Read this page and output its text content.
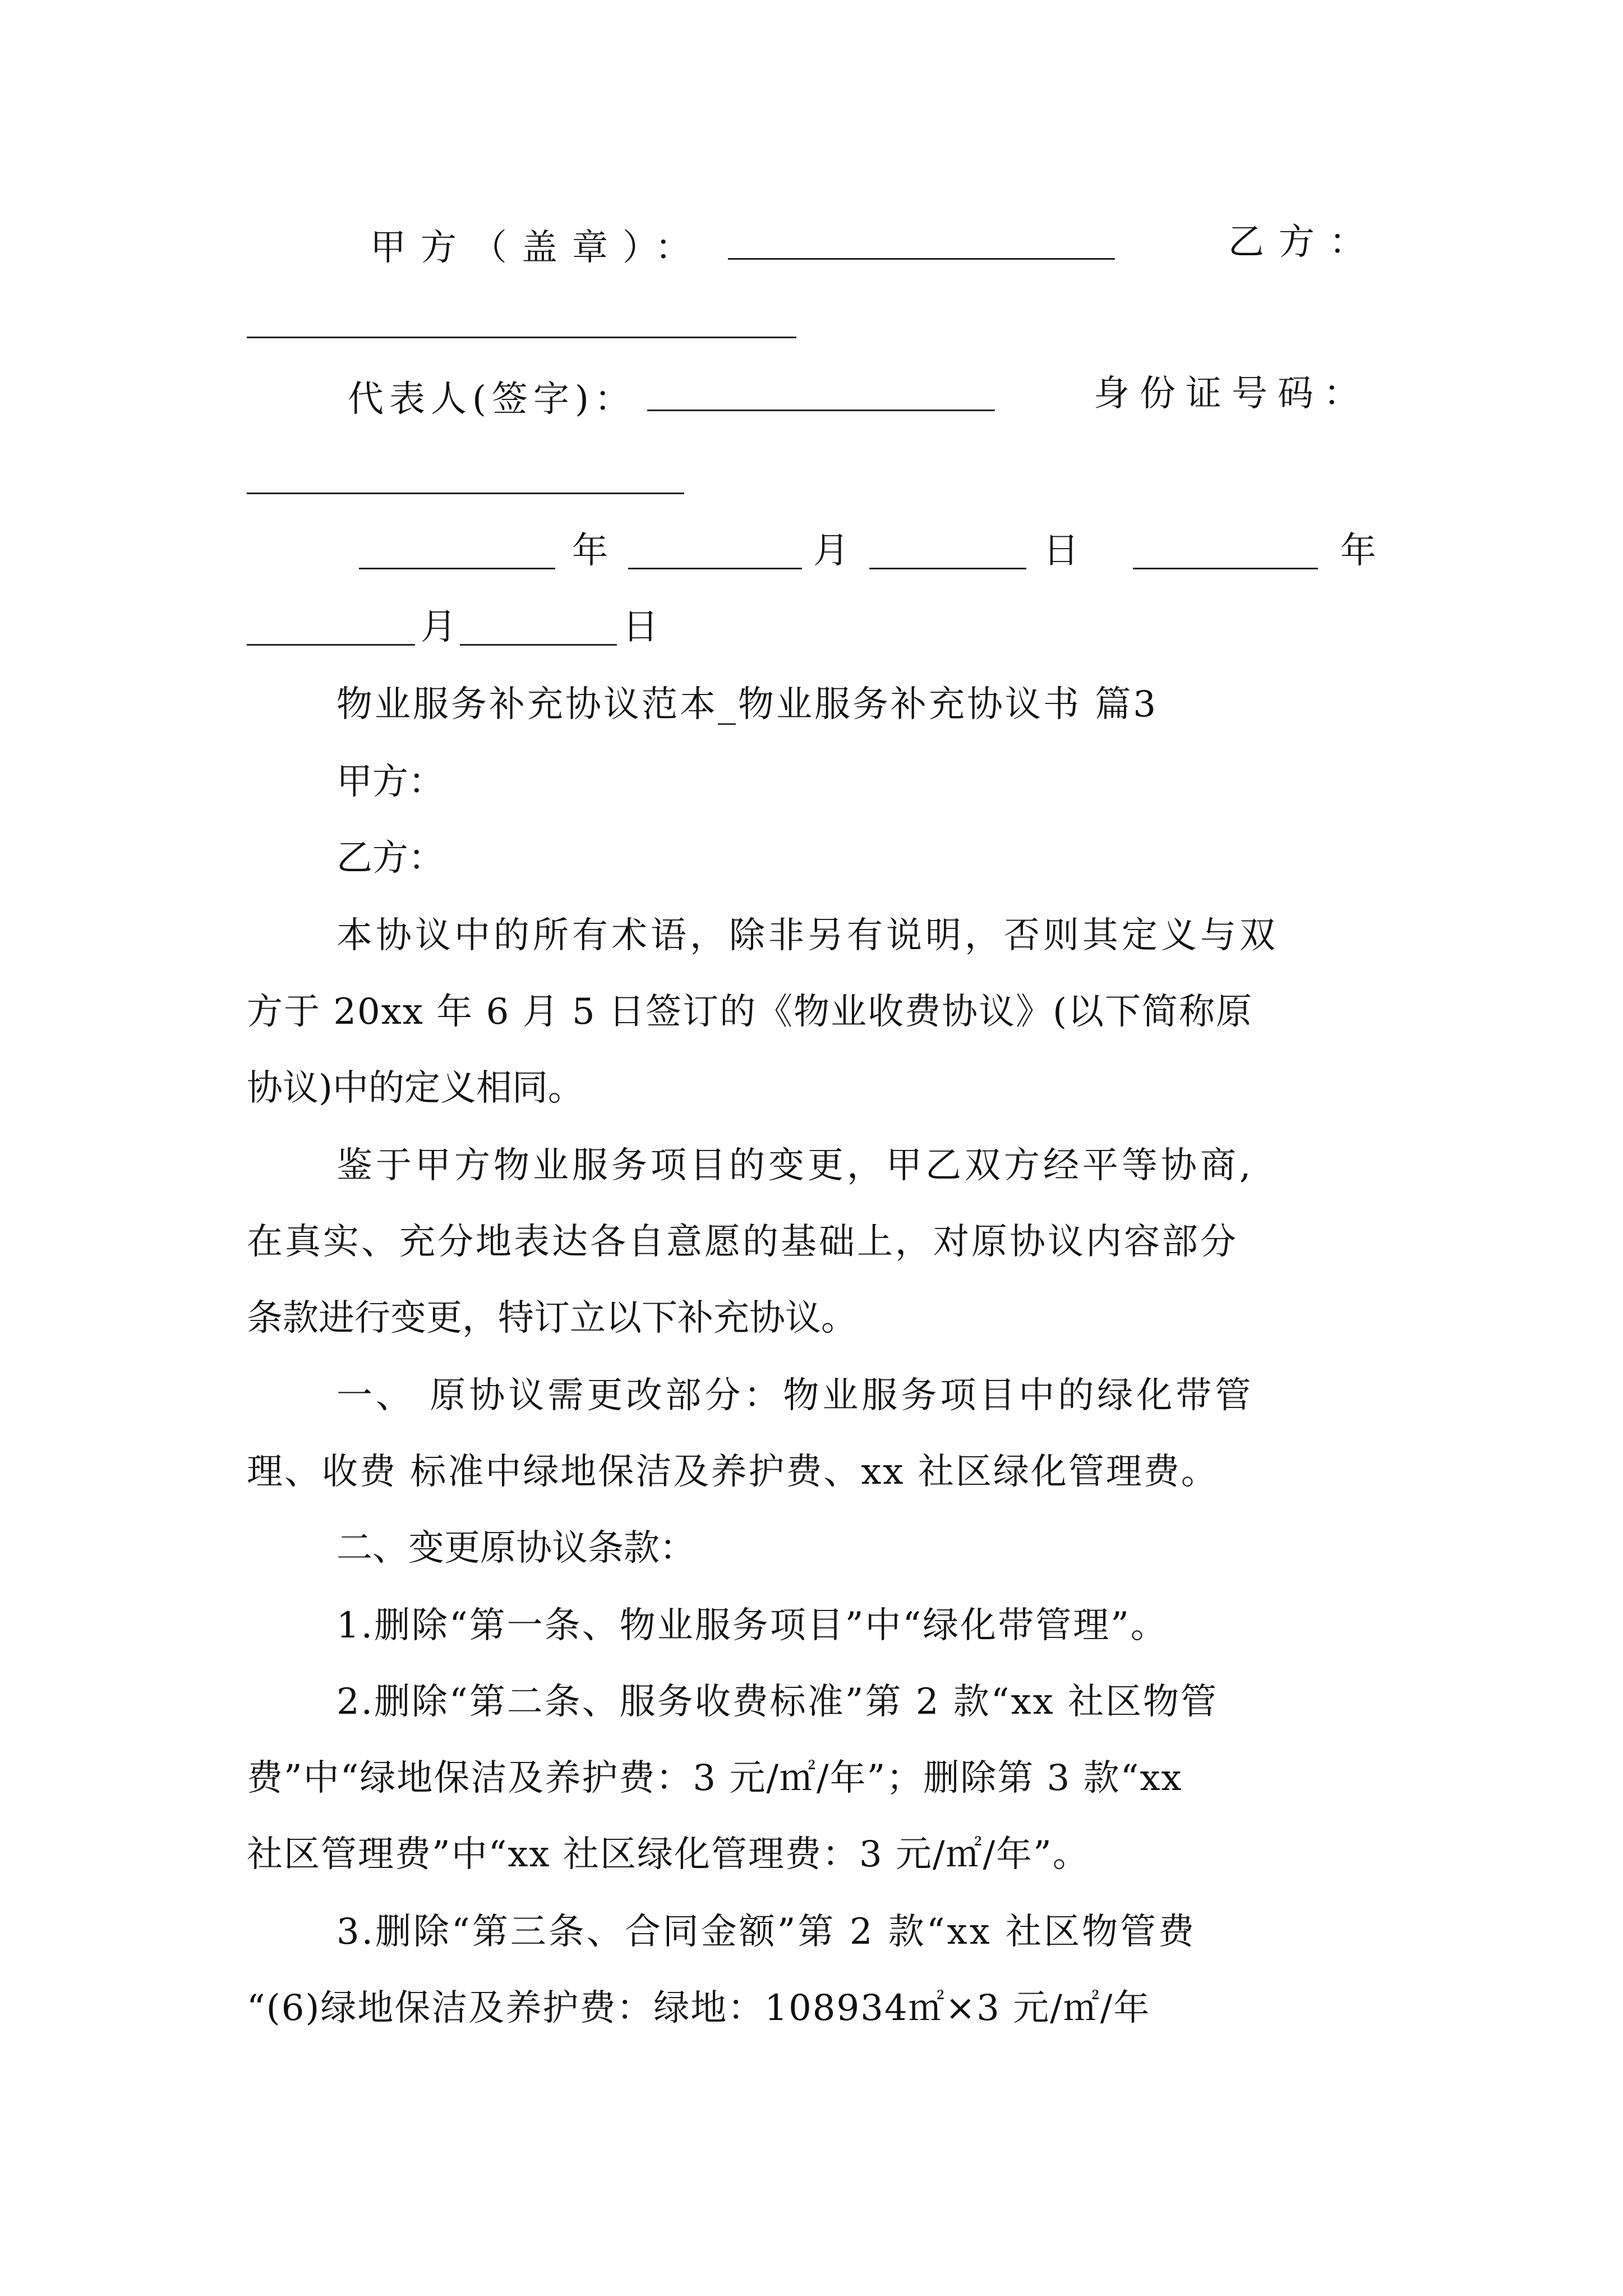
甲方（盖章）：	乙方：
代表人(签字)：	身份证号码：
年	月	日	年
月	日

物业服务补充协议范本_物业服务补充协议书 篇3

甲方：

乙方：

本协议中的所有术语，除非另有说明，否则其定义与双

方于 20xx 年 6 月 5 日签订的《物业收费协议》(以下简称原

协议)中的定义相同。

鉴于甲方物业服务项目的变更，甲乙双方经平等协商,

在真实、充分地表达各自意愿的基础上，对原协议内容部分

条款进行变更，特订立以下补充协议。

一、 原协议需更改部分：物业服务项目中的绿化带管

理、收费 标准中绿地保洁及养护费、xx 社区绿化管理费。

二、变更原协议条款：

1.删除“第一条、物业服务项目”中“绿化带管理”。

2.删除“第二条、服务收费标准”第 2 款“xx 社区物管

费”中“绿地保洁及养护费：3 元/㎡/年”；删除第 3 款“xx

社区管理费”中“xx 社区绿化管理费：3 元/㎡/年”。

3.删除“第三条、合同金额”第 2 款“xx 社区物管费

“(6)绿地保洁及养护费：绿地：108934㎡×3 元/㎡/年
